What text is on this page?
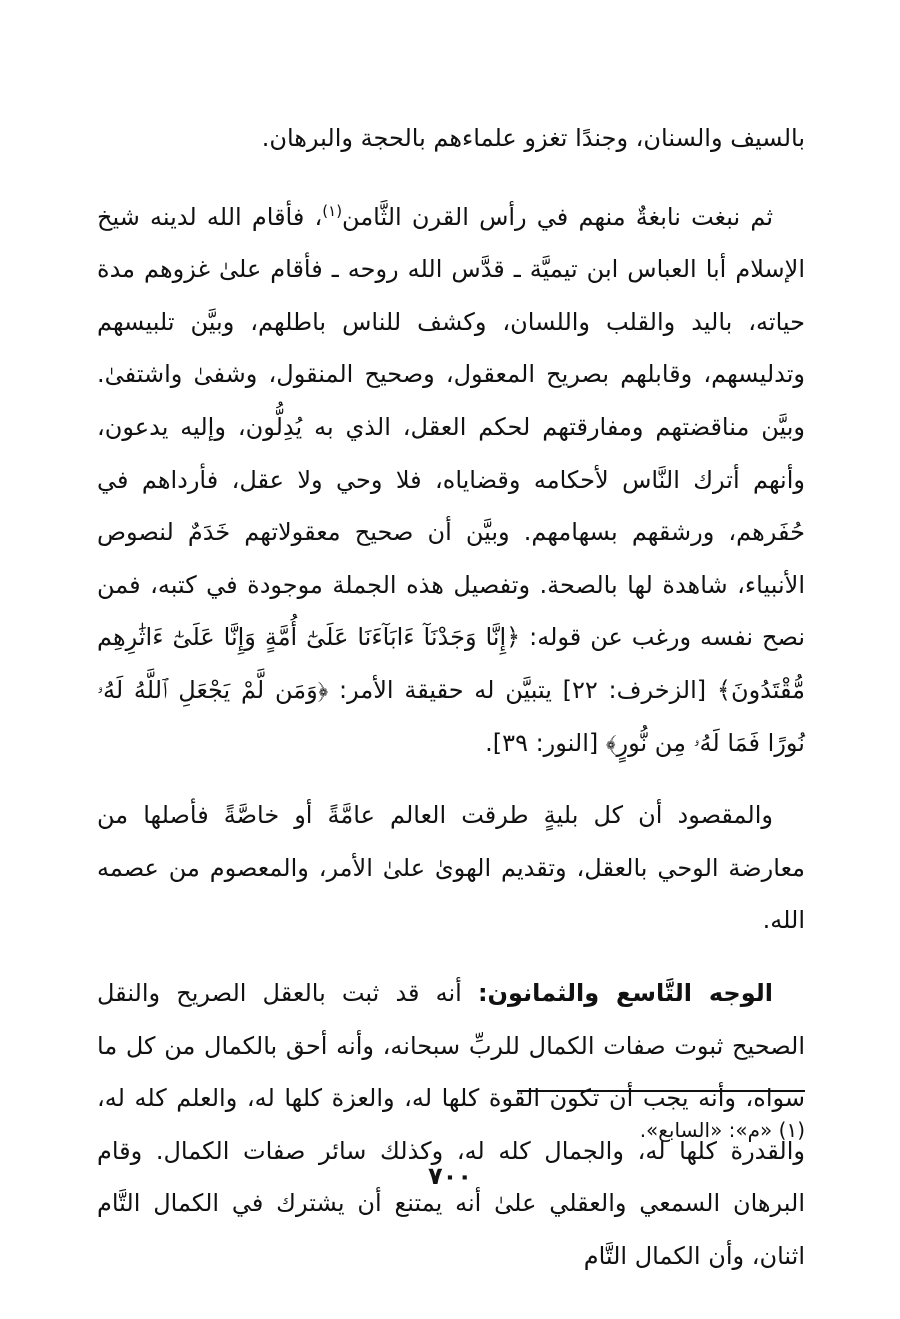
بالسيف والسنان، وجندًا تغزو علماءهم بالحجة والبرهان.

ثم نبغت نابغةٌ منهم في رأس القرن الثَّامن$^{(١)}$، فأقام الله لدينه شيخ الإسلام أبا العباس ابن تيميَّة ـ قدَّس الله روحه ـ فأقام علىٰ غزوهم مدة حياته، باليد والقلب واللسان، وكشف للناس باطلهم، وبيَّن تلبيسهم وتدليسهم، وقابلهم بصريح المعقول، وصحيح المنقول، وشفىٰ واشتفىٰ. وبيَّن مناقضتهم ومفارقتهم لحكم العقل، الذي به يُدِلُّون، وإليه يدعون، وأنهم أترك النَّاس لأحكامه وقضاياه، فلا وحي ولا عقل، فأرداهم في حُفَرهم، ورشقهم بسهامهم. وبيَّن أن صحيح معقولاتهم خَدَمٌ لنصوص الأنبياء، شاهدة لها بالصحة. وتفصيل هذه الجملة موجودة في كتبه، فمن نصح نفسه ورغب عن قوله: ﴿إِنَّا وَجَدْنَآ ءَابَآءَنَا عَلَىٰٓ أُمَّةٍ وَإِنَّا عَلَىٰٓ ءَاثَٰرِهِم مُّقْتَدُونَ﴾ [الزخرف: ٢٢] يتبيَّن له حقيقة الأمر: ﴿وَمَن لَّمْ يَجْعَلِ ٱللَّهُ لَهُۥ نُورًا فَمَا لَهُۥ مِن نُّورٍ﴾ [النور: ٣٩].

والمقصود أن كل بليةٍ طرقت العالم عامَّةً أو خاصَّةً فأصلها من معارضة الوحي بالعقل، وتقديم الهوىٰ علىٰ الأمر، والمعصوم من عصمه الله.

الوجه التَّاسع والثمانون: أنه قد ثبت بالعقل الصريح والنقل الصحيح ثبوت صفات الكمال للربِّ سبحانه، وأنه أحق بالكمال من كل ما سواه، وأنه يجب أن تكون القوة كلها له، والعزة كلها له، والعلم كله له، والقدرة كلها له، والجمال كله له، وكذلك سائر صفات الكمال. وقام البرهان السمعي والعقلي علىٰ أنه يمتنع أن يشترك في الكمال التَّام اثنان، وأن الكمال التَّام

(١) «م»: «السابع».
٧٠٠
